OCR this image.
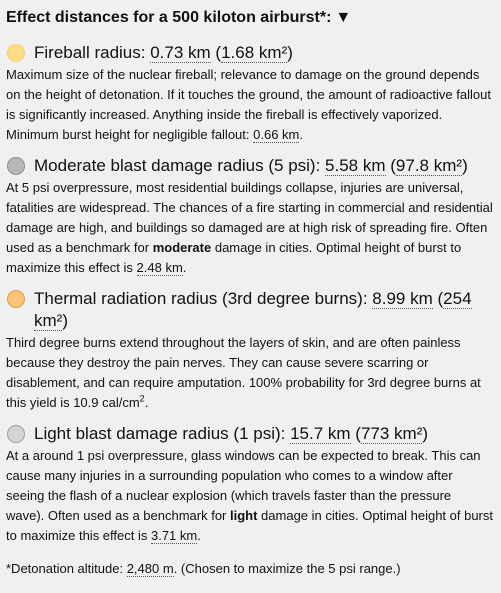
Effect distances for a 500 kiloton airburst*: ▼
Fireball radius: 0.73 km (1.68 km²)
Maximum size of the nuclear fireball; relevance to damage on the ground depends on the height of detonation. If it touches the ground, the amount of radioactive fallout is significantly increased. Anything inside the fireball is effectively vaporized. Minimum burst height for negligible fallout: 0.66 km.
Moderate blast damage radius (5 psi): 5.58 km (97.8 km²)
At 5 psi overpressure, most residential buildings collapse, injuries are universal, fatalities are widespread. The chances of a fire starting in commercial and residential damage are high, and buildings so damaged are at high risk of spreading fire. Often used as a benchmark for moderate damage in cities. Optimal height of burst to maximize this effect is 2.48 km.
Thermal radiation radius (3rd degree burns): 8.99 km (254 km²)
Third degree burns extend throughout the layers of skin, and are often painless because they destroy the pain nerves. They can cause severe scarring or disablement, and can require amputation. 100% probability for 3rd degree burns at this yield is 10.9 cal/$cm^2$.
Light blast damage radius (1 psi): 15.7 km (773 km²)
At a around 1 psi overpressure, glass windows can be expected to break. This can cause many injuries in a surrounding population who comes to a window after seeing the flash of a nuclear explosion (which travels faster than the pressure wave). Often used as a benchmark for light damage in cities. Optimal height of burst to maximize this effect is 3.71 km.
*Detonation altitude: 2,480 m. (Chosen to maximize the 5 psi range.)
